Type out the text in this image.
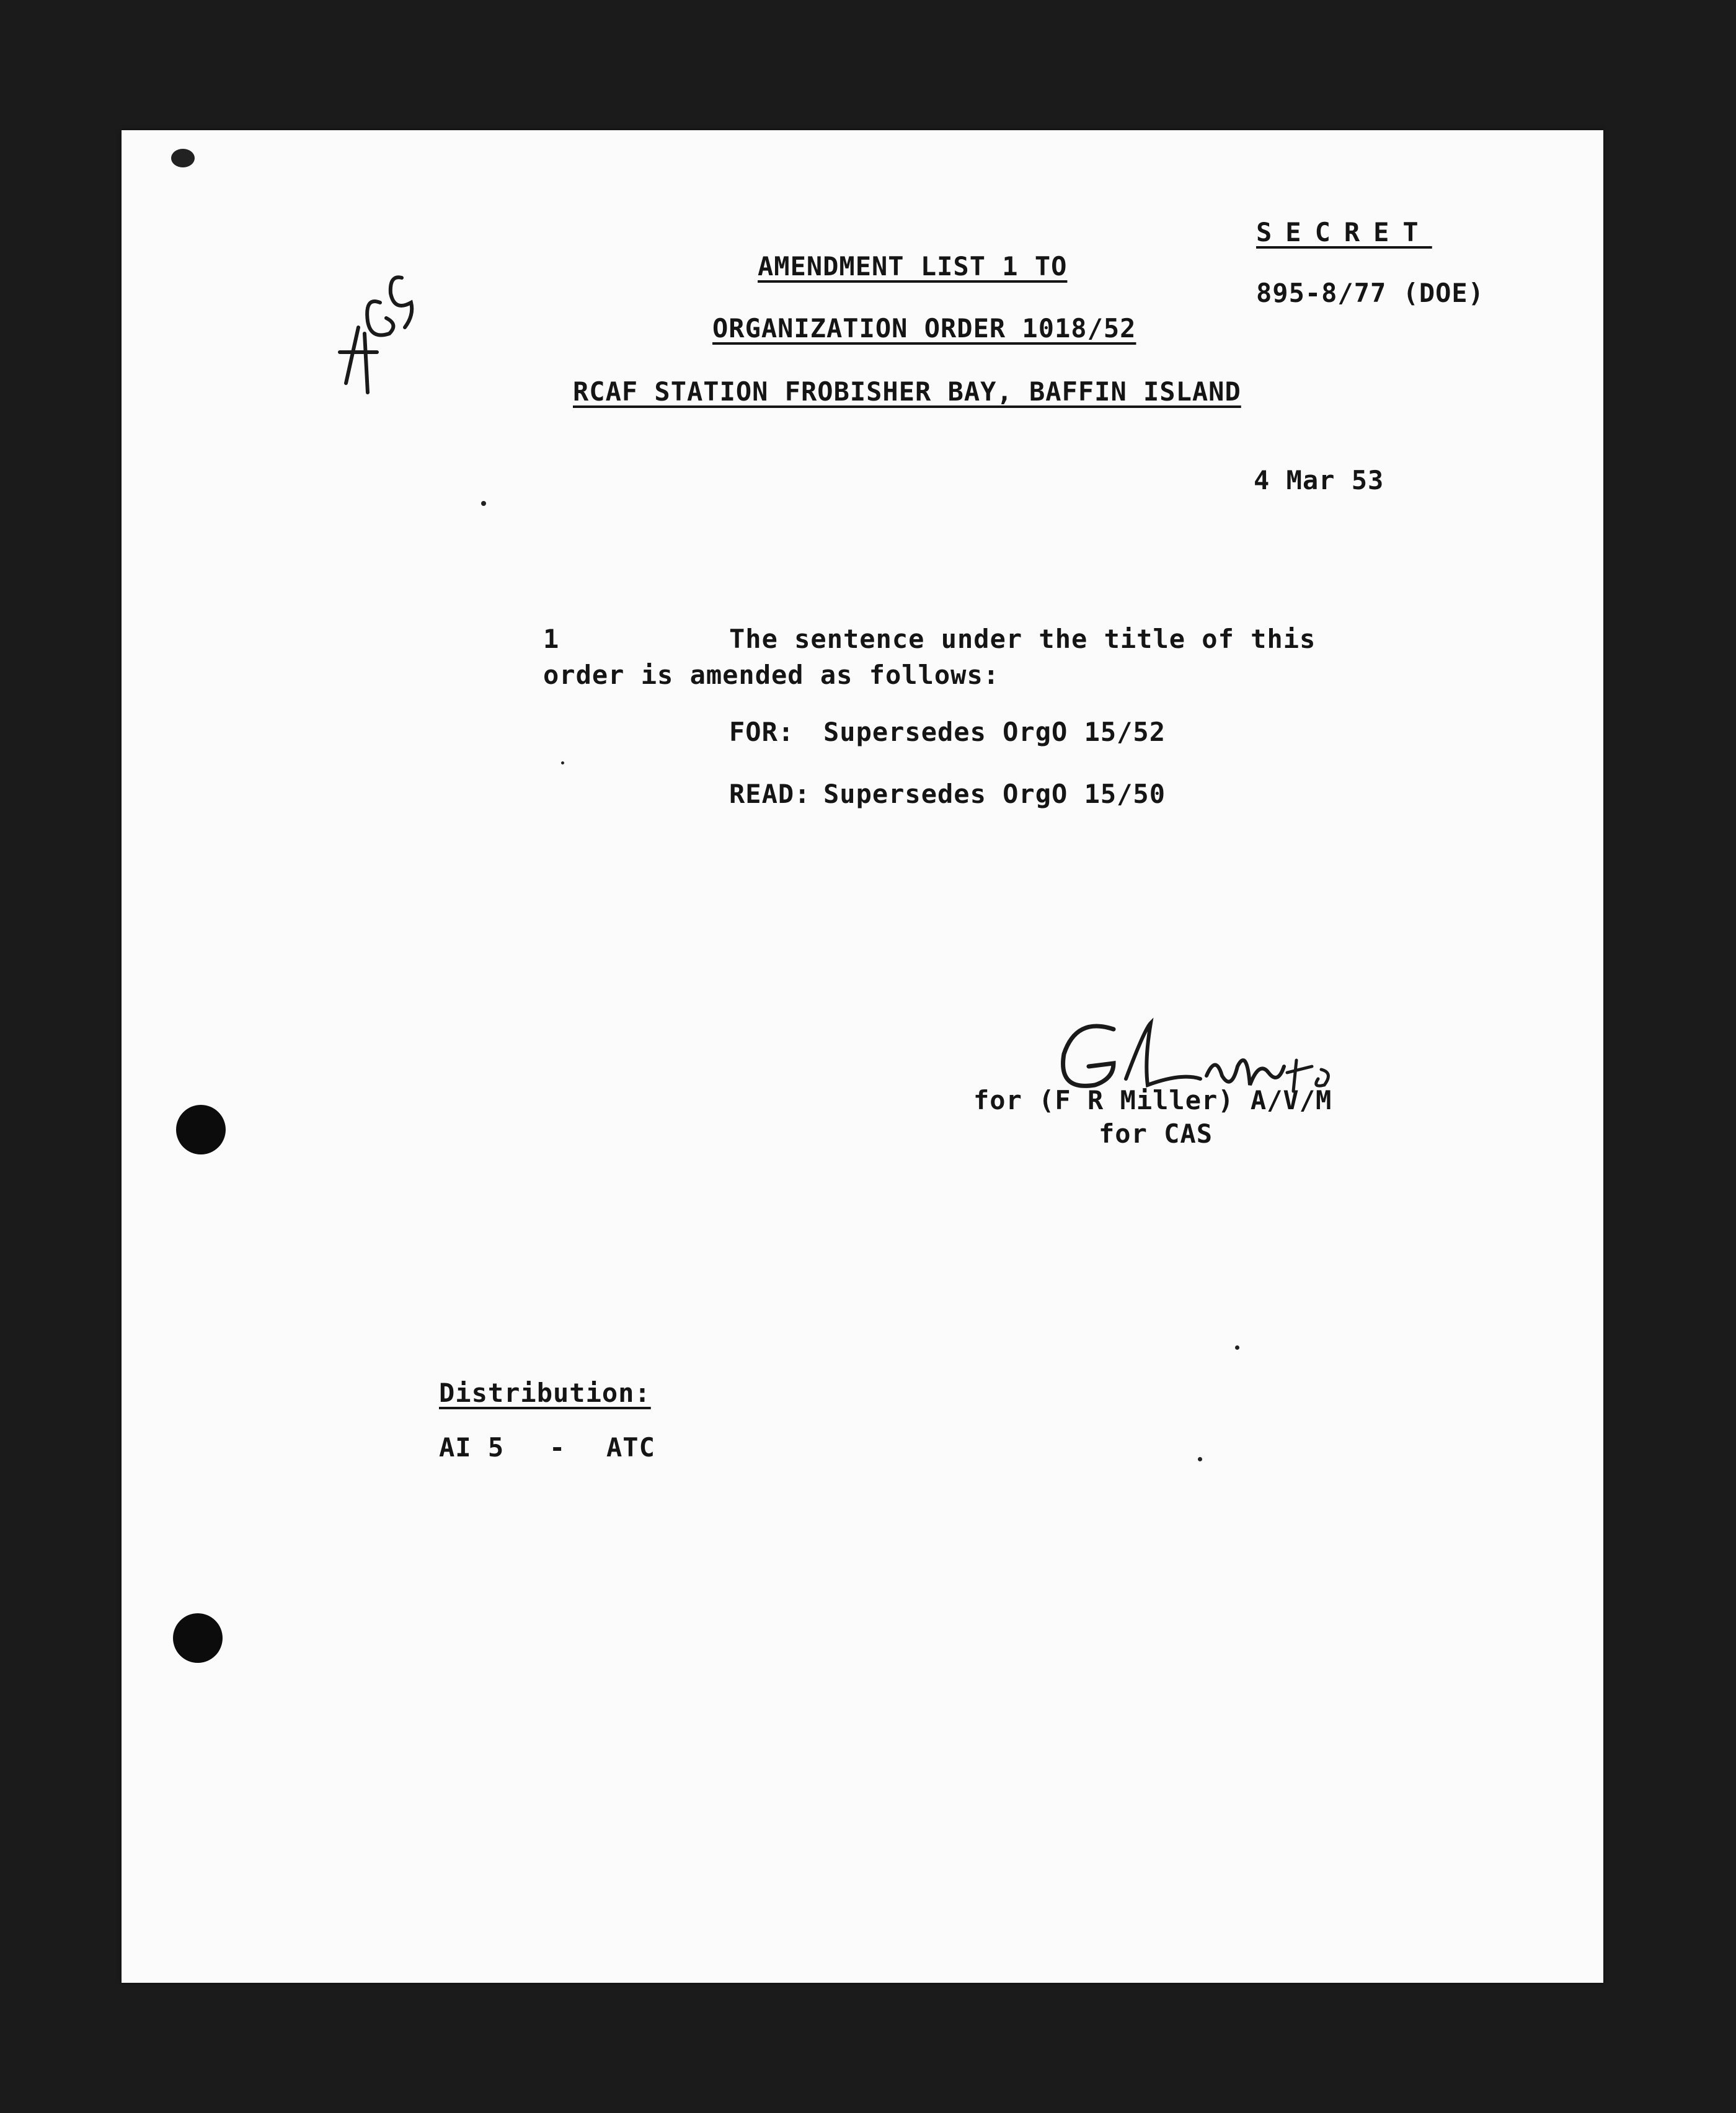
AMENDMENT LIST 1 TO
ORGANIZATION ORDER 1018/52
RCAF STATION FROBISHER BAY, BAFFIN ISLAND
SECRET
895-8/77 (DOE)
4 Mar 53
1	The sentence under the title of this
order is amended as follows:
FOR: Supersedes OrgO 15/52
READ: Supersedes OrgO 15/50
for (F R Miller) A/V/M
for CAS
Distribution:
AI 5 - ATC
